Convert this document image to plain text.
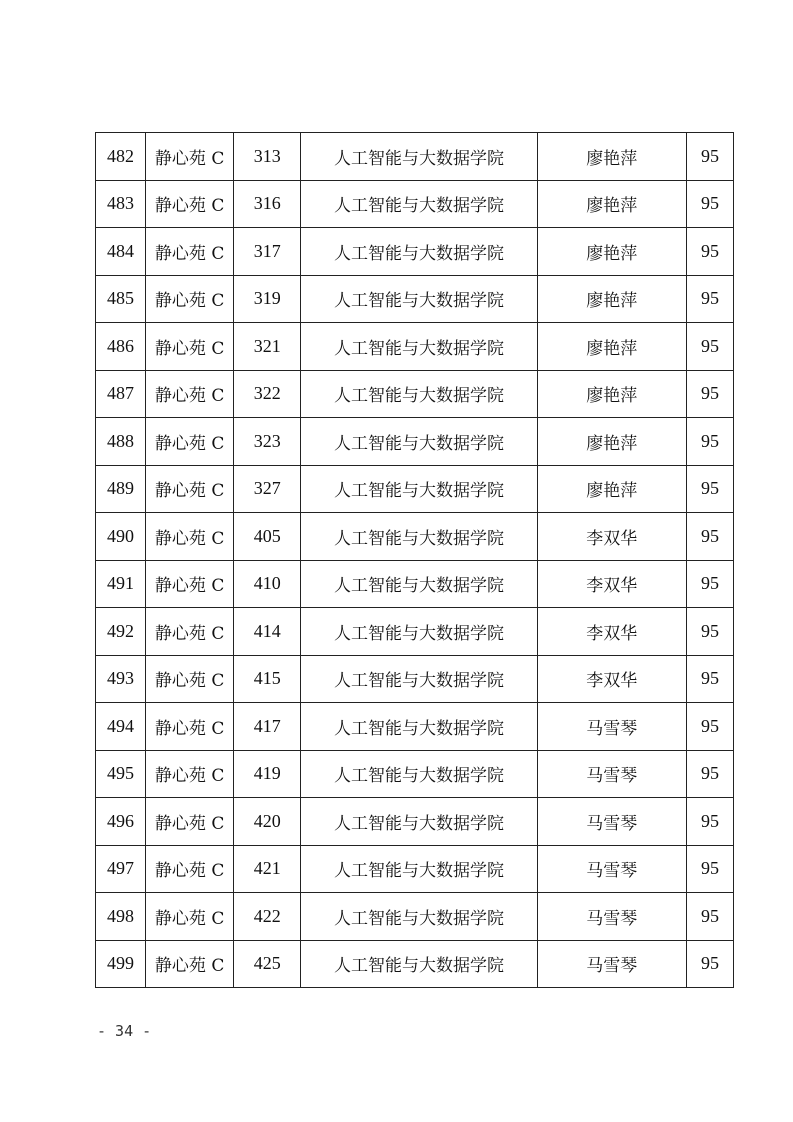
482	静心苑 C	313	人工智能与大数据学院	廖艳萍	95
483	静心苑 C	316	人工智能与大数据学院	廖艳萍	95
484	静心苑 C	317	人工智能与大数据学院	廖艳萍	95
485	静心苑 C	319	人工智能与大数据学院	廖艳萍	95
486	静心苑 C	321	人工智能与大数据学院	廖艳萍	95
487	静心苑 C	322	人工智能与大数据学院	廖艳萍	95
488	静心苑 C	323	人工智能与大数据学院	廖艳萍	95
489	静心苑 C	327	人工智能与大数据学院	廖艳萍	95
490	静心苑 C	405	人工智能与大数据学院	李双华	95
491	静心苑 C	410	人工智能与大数据学院	李双华	95
492	静心苑 C	414	人工智能与大数据学院	李双华	95
493	静心苑 C	415	人工智能与大数据学院	李双华	95
494	静心苑 C	417	人工智能与大数据学院	马雪琴	95
495	静心苑 C	419	人工智能与大数据学院	马雪琴	95
496	静心苑 C	420	人工智能与大数据学院	马雪琴	95
497	静心苑 C	421	人工智能与大数据学院	马雪琴	95
498	静心苑 C	422	人工智能与大数据学院	马雪琴	95
499	静心苑 C	425	人工智能与大数据学院	马雪琴	95
- 34 -
